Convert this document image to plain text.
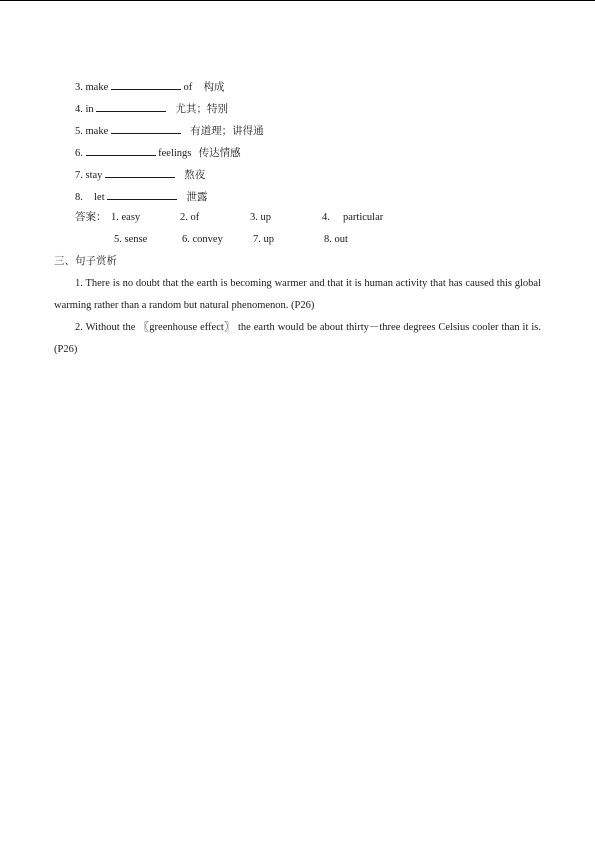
3. make	of 构成
4. in	尤其；特别
5. make	有道理；讲得通
6.	feelings 传达情感
7. stay	熬夜
8. let	泄露
答案： 1. easy	2. of	3. up	4. particular
5. sense	6. convey	7. up	8. out
三、句子赏析
1. There is no doubt that the earth is becoming warmer and that it is human activity that has caused this global warming rather than a random but natural phenomenon. (P26)
2. Without the 〖greenhouse effect〗 the earth would be about thirty－three degrees Celsius cooler than it is. (P26)
